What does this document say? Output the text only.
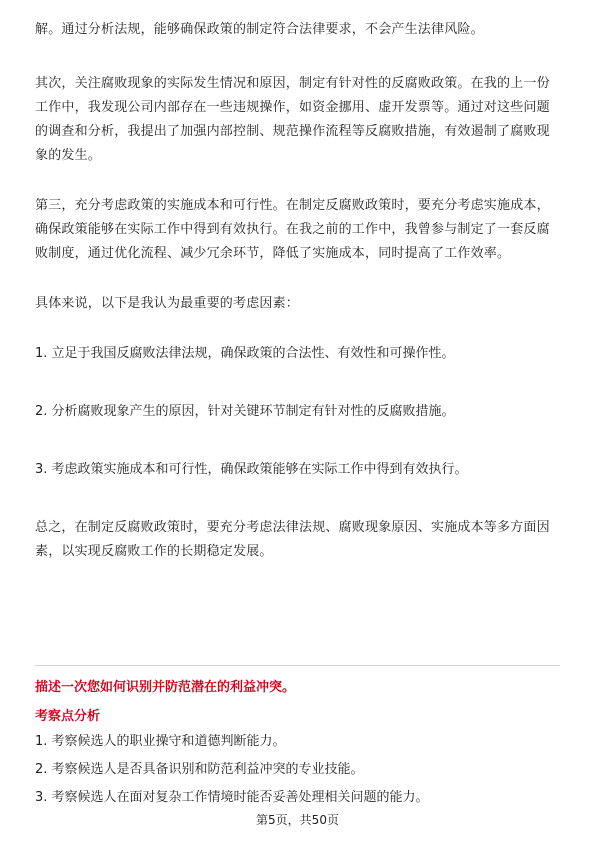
解。通过分析法规，能够确保政策的制定符合法律要求，不会产生法律风险。

其次，关注腐败现象的实际发生情况和原因，制定有针对性的反腐败政策。在我的上一份工作中，我发现公司内部存在一些违规操作，如资金挪用、虚开发票等。通过对这些问题的调查和分析，我提出了加强内部控制、规范操作流程等反腐败措施，有效遏制了腐败现象的发生。

第三，充分考虑政策的实施成本和可行性。在制定反腐败政策时，要充分考虑实施成本，确保政策能够在实际工作中得到有效执行。在我之前的工作中，我曾参与制定了一套反腐败制度，通过优化流程、减少冗余环节，降低了实施成本，同时提高了工作效率。

具体来说，以下是我认为最重要的考虑因素：

1. 立足于我国反腐败法律法规，确保政策的合法性、有效性和可操作性。

2. 分析腐败现象产生的原因，针对关键环节制定有针对性的反腐败措施。

3. 考虑政策实施成本和可行性，确保政策能够在实际工作中得到有效执行。

总之，在制定反腐败政策时，要充分考虑法律法规、腐败现象原因、实施成本等多方面因素，以实现反腐败工作的长期稳定发展。

描述一次您如何识别并防范潜在的利益冲突。
考察点分析

1. 考察候选人的职业操守和道德判断能力。

2. 考察候选人是否具备识别和防范利益冲突的专业技能。

3. 考察候选人在面对复杂工作情境时能否妥善处理相关问题的能力。

第5页，共50页
